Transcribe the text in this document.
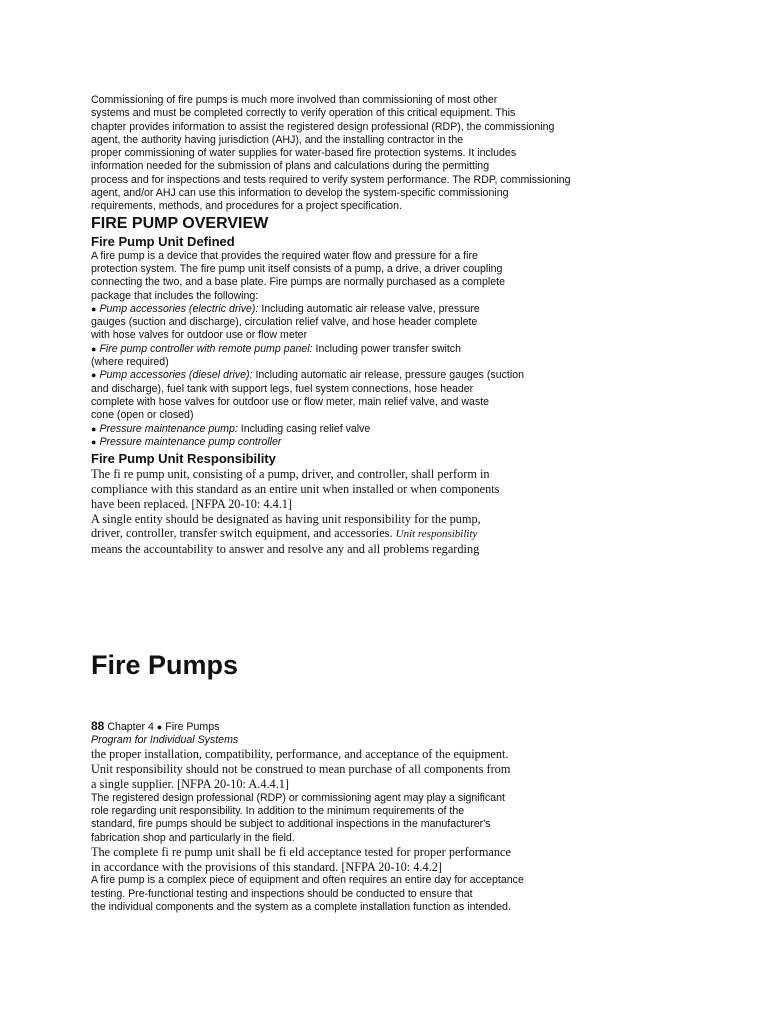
Commissioning of fire pumps is much more involved than commissioning of most other
systems and must be completed correctly to verify operation of this critical equipment. This
chapter provides information to assist the registered design professional (RDP), the commissioning
agent, the authority having jurisdiction (AHJ), and the installing contractor in the
proper commissioning of water supplies for water-based fire protection systems. It includes
information needed for the submission of plans and calculations during the permitting
process and for inspections and tests required to verify system performance. The RDP, commissioning
agent, and/or AHJ can use this information to develop the system-specific commissioning
requirements, methods, and procedures for a project specification.
FIRE PUMP OVERVIEW
Fire Pump Unit Defined
A fire pump is a device that provides the required water flow and pressure for a fire
protection system. The fire pump unit itself consists of a pump, a drive, a driver coupling
connecting the two, and a base plate. Fire pumps are normally purchased as a complete
package that includes the following:
● Pump accessories (electric drive): Including automatic air release valve, pressure
gauges (suction and discharge), circulation relief valve, and hose header complete
with hose valves for outdoor use or flow meter
● Fire pump controller with remote pump panel: Including power transfer switch
(where required)
● Pump accessories (diesel drive): Including automatic air release, pressure gauges (suction
and discharge), fuel tank with support legs, fuel system connections, hose header
complete with hose valves for outdoor use or flow meter, main relief valve, and waste
cone (open or closed)
● Pressure maintenance pump: Including casing relief valve
● Pressure maintenance pump controller
Fire Pump Unit Responsibility
The fi re pump unit, consisting of a pump, driver, and controller, shall perform in
compliance with this standard as an entire unit when installed or when components
have been replaced. [NFPA 20-10: 4.4.1]
A single entity should be designated as having unit responsibility for the pump,
driver, controller, transfer switch equipment, and accessories. Unit responsibility
means the accountability to answer and resolve any and all problems regarding
Fire Pumps
88 Chapter 4 ● Fire Pumps
Program for Individual Systems
the proper installation, compatibility, performance, and acceptance of the equipment.
Unit responsibility should not be construed to mean purchase of all components from
a single supplier. [NFPA 20-10: A.4.4.1]
The registered design professional (RDP) or commissioning agent may play a significant
role regarding unit responsibility. In addition to the minimum requirements of the
standard, fire pumps should be subject to additional inspections in the manufacturer's
fabrication shop and particularly in the field.
The complete fi re pump unit shall be fi eld acceptance tested for proper performance
in accordance with the provisions of this standard. [NFPA 20-10: 4.4.2]
A fire pump is a complex piece of equipment and often requires an entire day for acceptance
testing. Pre-functional testing and inspections should be conducted to ensure that
the individual components and the system as a complete installation function as intended.
